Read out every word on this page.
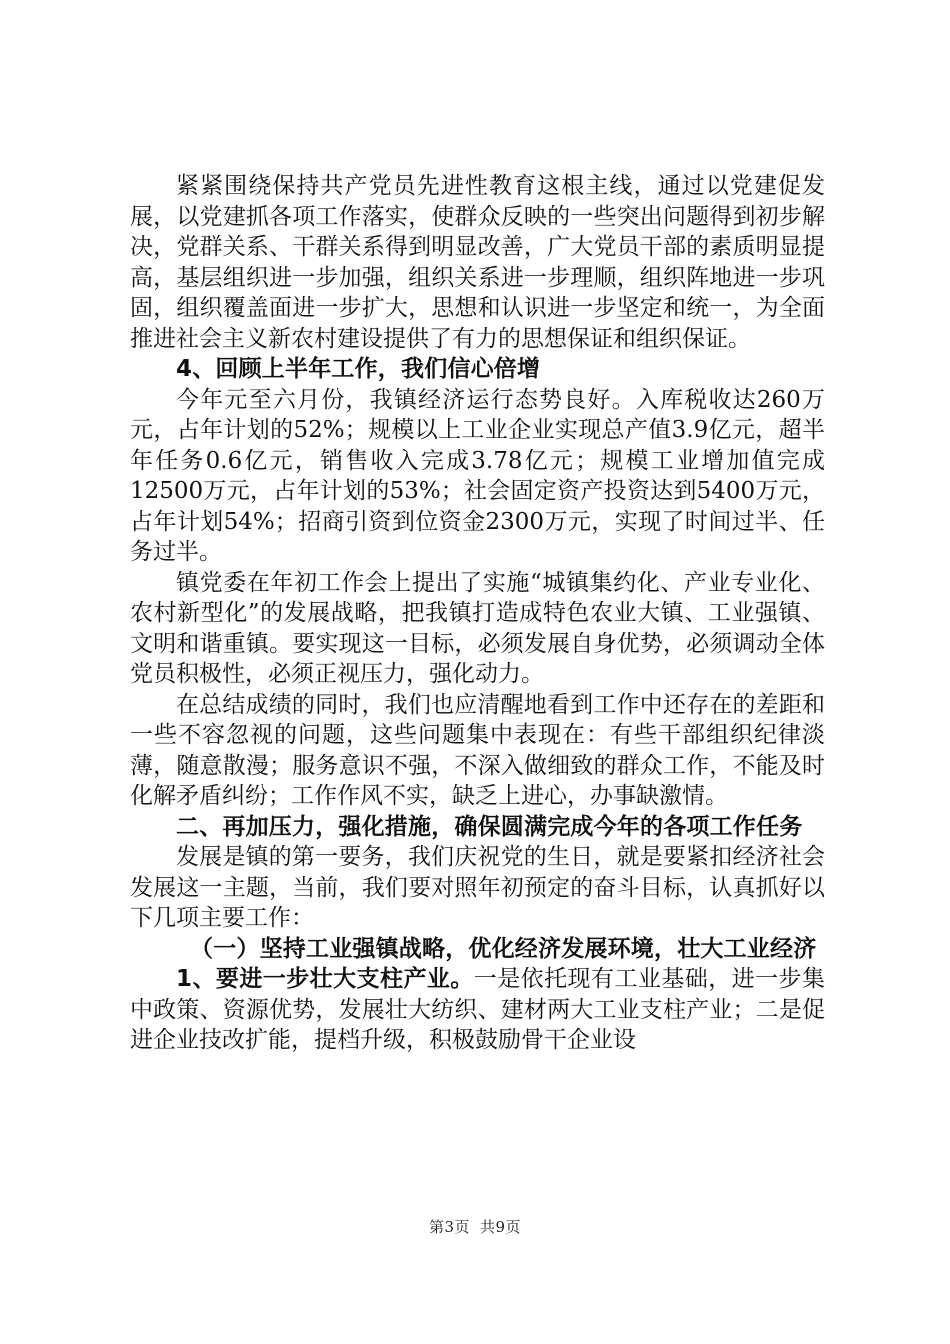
紧紧围绕保持共产党员先进性教育这根主线，通过以党建促发展，以党建抓各项工作落实，使群众反映的一些突出问题得到初步解决，党群关系、干群关系得到明显改善，广大党员干部的素质明显提高，基层组织进一步加强，组织关系进一步理顺，组织阵地进一步巩固，组织覆盖面进一步扩大，思想和认识进一步坚定和统一，为全面推进社会主义新农村建设提供了有力的思想保证和组织保证。

4、回顾上半年工作，我们信心倍增

今年元至六月份，我镇经济运行态势良好。入库税收达260万元，占年计划的52%；规模以上工业企业实现总产值3.9亿元，超半年任务0.6亿元，销售收入完成3.78亿元；规模工业增加值完成12500万元，占年计划的53%；社会固定资产投资达到5400万元，占年计划54%；招商引资到位资金2300万元，实现了时间过半、任务过半。

镇党委在年初工作会上提出了实施“城镇集约化、产业专业化、农村新型化”的发展战略，把我镇打造成特色农业大镇、工业强镇、文明和谐重镇。要实现这一目标，必须发展自身优势，必须调动全体党员积极性，必须正视压力，强化动力。

在总结成绩的同时，我们也应清醒地看到工作中还存在的差距和一些不容忽视的问题，这些问题集中表现在：有些干部组织纪律淡薄，随意散漫；服务意识不强，不深入做细致的群众工作，不能及时化解矛盾纠纷；工作作风不实，缺乏上进心，办事缺激情。

二、再加压力，强化措施，确保圆满完成今年的各项工作任务

发展是镇的第一要务，我们庆祝党的生日，就是要紧扣经济社会发展这一主题，当前，我们要对照年初预定的奋斗目标，认真抓好以下几项主要工作：

（一）坚持工业强镇战略，优化经济发展环境，壮大工业经济

1、要进一步壮大支柱产业。一是依托现有工业基础，进一步集中政策、资源优势，发展壮大纺织、建材两大工业支柱产业；二是促进企业技改扩能，提档升级，积极鼓励骨干企业设

第3页 共9页
